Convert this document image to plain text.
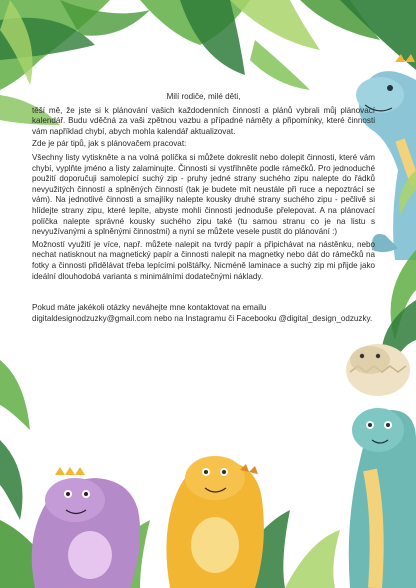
Milí rodiče, milé děti,

těší mě, že jste si k plánování vašich každodenních činností a plánů vybrali můj plánovací kalendář. Budu vděčná za vaši zpětnou vazbu a případné náměty a připomínky, které činnosti vám například chybí, abych mohla kalendář aktualizovat.

Zde je pár tipů, jak s plánovačem pracovat:

Všechny listy vytiskněte a na volná políčka si můžete dokreslit nebo dolepit činnosti, které vám chybí, vyplňte jméno a listy zalaminujte. Činnosti si vystřihněte podle rámečků. Pro jednoduché použití doporučuji samolepicí suchý zip - pruhy jedné strany suchého zipu nalepte do řádků nevyužitých činností a splněných činností (tak je budete mít neustále při ruce a nepoztrácí se vám). Na jednotlivé činnosti a smajlíky nalepte kousky druhé strany suchého zipu - pečlivě si hlídejte strany zipu, které lepíte, abyste mohli činnosti jednoduše přelepovat. A na plánovací políčka nalepte správné kousky suchého zipu také (tu samou stranu co je na listu s nevyužívanými a splněnými činnostmi) a nyní se můžete vesele pustit do plánování :)

Možností využití je více, např. můžete nalepit na tvrdý papír a připichávat na nástěnku, nebo nechat natisknout na magnetický papír a činnosti nalepit na magnetky nebo dát do rámečků na fotky a činnosti přidělávat třeba lepícími polštářky. Nicméně laminace a suchý zip mi přijde jako ideální dlouhodobá varianta s minimálními dodatečnými náklady.

Pokud máte jakékoli otázky neváhejte mne kontaktovat na emailu digitaldesignodzuzky@gmail.com nebo na Instagramu či Facebooku @digital_design_odzuzky.
